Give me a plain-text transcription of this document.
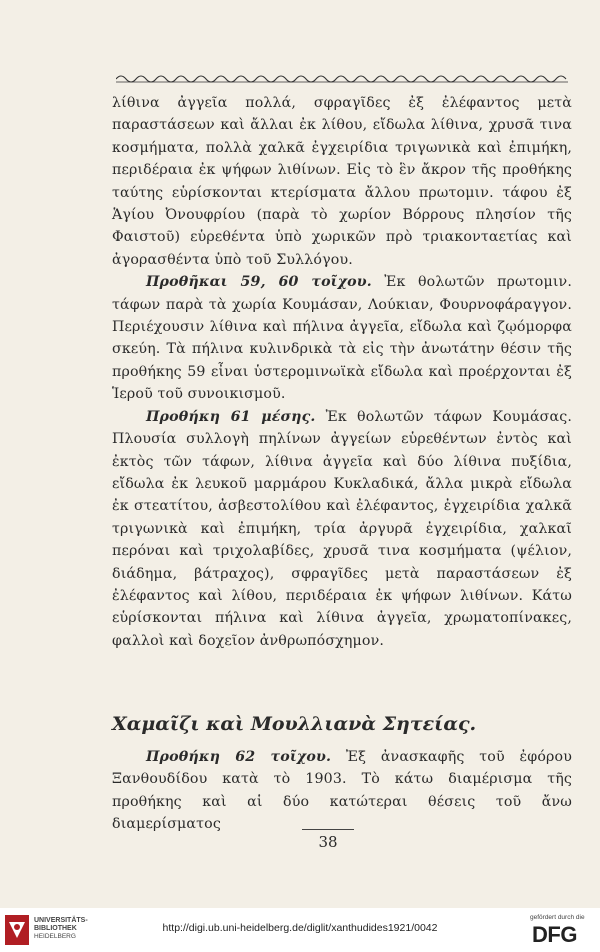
λίθινα ἀγγεῖα πολλά, σφραγῖδες ἐξ ἐλέφαντος μετὰ παραστάσεων καὶ ἄλλαι ἐκ λίθου, εἴδωλα λίθινα, χρυσᾶ τινα κοσμήματα, πολλὰ χαλκᾶ ἐγχειρίδια τριγωνικὰ καὶ ἐπιμήκη, περιδέραια ἐκ ψήφων λιθίνων. Εἰς τὸ ἓν ἄκρον τῆς προθήκης ταύτης εὑρίσκονται κτερίσματα ἄλλου πρωτομιν. τάφου ἐξ Ἁγίου Ὀνουφρίου (παρὰ τὸ χωρίον Βόρρους πλησίον τῆς Φαιστοῦ) εὑρεθέντα ὑπὸ χωρικῶν πρὸ τριακονταετίας καὶ ἀγορασθέντα ὑπὸ τοῦ Συλλόγου.

Προθῆκαι 59, 60 τοῖχου. Ἐκ θολωτῶν πρωτομιν. τάφων παρὰ τὰ χωρία Κουμάσαν, Λούκιαν, Φουρνοφάραγγον. Περιέχουσιν λίθινα καὶ πήλινα ἀγγεῖα, εἴδωλα καὶ ζῳόμορφα σκεύη. Τὰ πήλινα κυλινδρικὰ τὰ εἰς τὴν ἀνωτάτην θέσιν τῆς προθήκης 59 εἶναι ὑστερομινωϊκὰ εἴδωλα καὶ προέρχονται ἐξ Ἱεροῦ τοῦ συνοικισμοῦ.

Προθήκη 61 μέσης. Ἐκ θολωτῶν τάφων Κουμάσας. Πλουσία συλλογὴ πηλίνων ἀγγείων εὑρεθέντων ἐντὸς καὶ ἐκτὸς τῶν τάφων, λίθινα ἀγγεῖα καὶ δύο λίθινα πυξίδια, εἴδωλα ἐκ λευκοῦ μαρμάρου Κυκλαδικά, ἄλλα μικρὰ εἴδωλα ἐκ στεατίτου, ἀσβεστολίθου καὶ ἐλέφαντος, ἐγχειρίδια χαλκᾶ τριγωνικὰ καὶ ἐπιμήκη, τρία ἀργυρᾶ ἐγχειρίδια, χαλκαῖ περόναι καὶ τριχολαβίδες, χρυσᾶ τινα κοσμήματα (ψέλιον, διάδημα, βάτραχος), σφραγῖδες μετὰ παραστάσεων ἐξ ἐλέφαντος καὶ λίθου, περιδέραια ἐκ ψήφων λιθίνων. Κάτω εὑρίσκονται πήλινα καὶ λίθινα ἀγγεῖα, χρωματοπίνακες, φαλλοὶ καὶ δοχεῖον ἀνθρωπόσχημον.

Χαμαῖζι καὶ Μουλλιανὰ Σητείας.

Προθήκη 62 τοῖχου. Ἐξ ἀνασκαφῆς τοῦ ἐφόρου Ξανθουδίδου κατὰ τὸ 1903. Τὸ κάτω διαμέρισμα τῆς προθήκης καὶ αἱ δύο κατώτεραι θέσεις τοῦ ἄνω διαμερίσματος

38
UNIVERSITÄTS-
BIBLIOTHEK
HEIDELBERG
http://digi.ub.uni-heidelberg.de/diglit/xanthudides1921/0042
gefördert durch die
DFG
